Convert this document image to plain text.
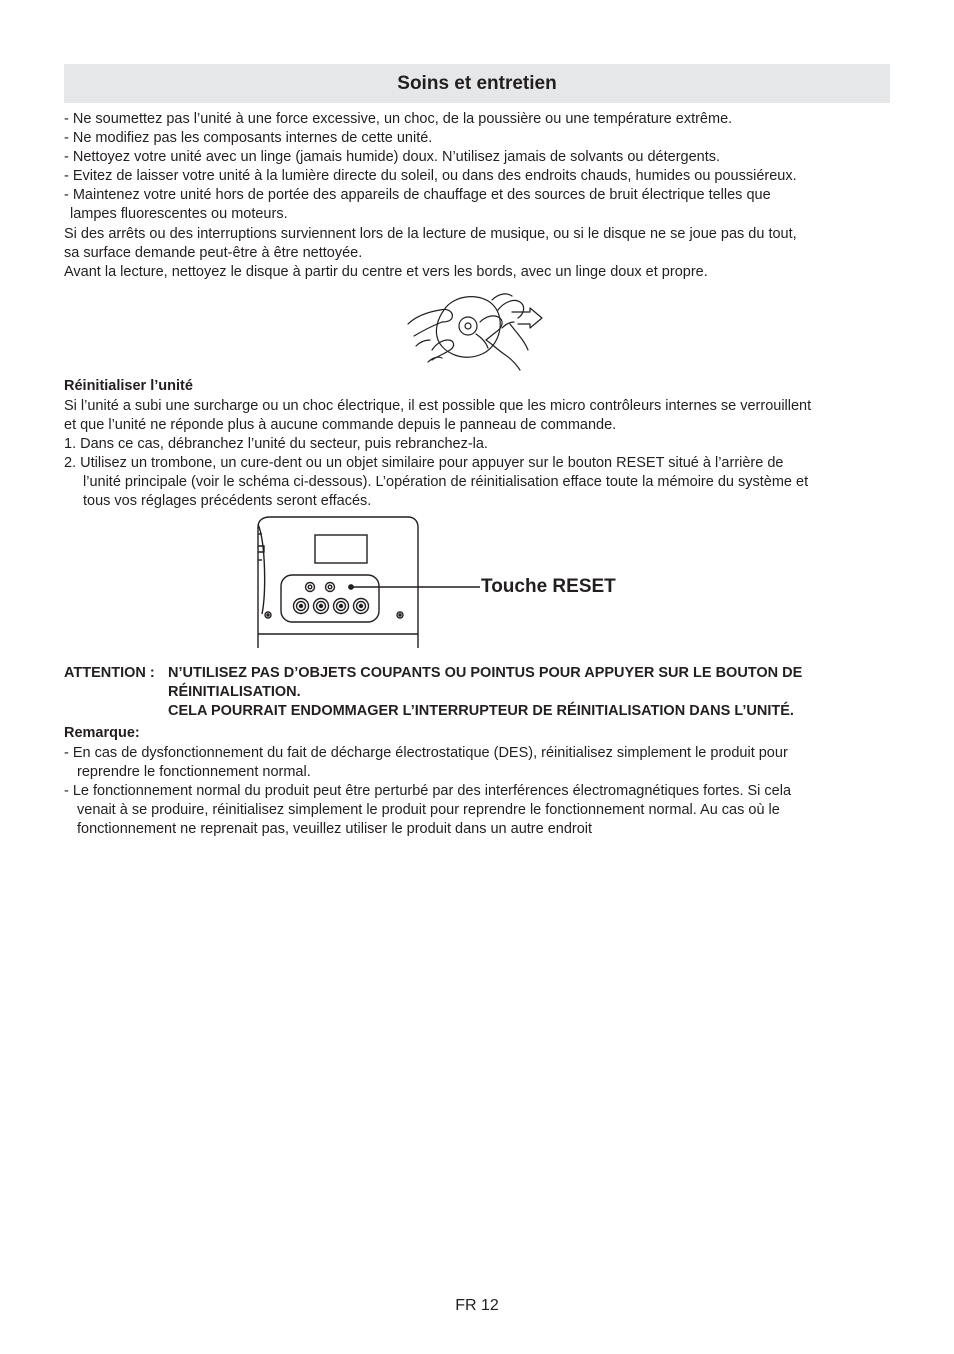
Soins et entretien
- Ne soumettez pas l’unité à une force excessive, un choc, de la poussière ou une température extrême.
- Ne modifiez pas les composants internes de cette unité.
- Nettoyez votre unité avec un linge (jamais humide) doux. N’utilisez jamais de solvants ou détergents.
- Evitez de laisser votre unité à la lumière directe du soleil, ou dans des endroits chauds, humides ou poussiéreux.
- Maintenez votre unité hors de portée des appareils de chauffage et des sources de bruit électrique telles que
lampes fluorescentes ou moteurs.
Si des arrêts ou des interruptions surviennent lors de la lecture de musique, ou si le disque ne se joue pas du tout,
sa surface demande peut-être à être nettoyée.
Avant la lecture, nettoyez le disque à partir du centre et vers les bords, avec un linge doux et propre.
Réinitialiser l’unité
Si l’unité a subi une surcharge ou un choc électrique, il est possible que les micro contrôleurs internes se verrouillent
et que l’unité ne réponde plus à aucune commande depuis le panneau de commande.
1. Dans ce cas, débranchez l’unité du secteur, puis rebranchez-la.
2. Utilisez un trombone, un cure-dent ou un objet similaire pour appuyer sur le bouton RESET situé à l’arrière de
l’unité principale (voir le schéma ci-dessous). L’opération de réinitialisation efface toute la mémoire du système et
tous vos réglages précédents seront effacés.
Touche RESET
ATTENTION : N’UTILISEZ PAS D’OBJETS COUPANTS OU POINTUS POUR APPUYER SUR LE BOUTON DE
RÉINITIALISATION.
CELA POURRAIT ENDOMMAGER L’INTERRUPTEUR DE RÉINITIALISATION DANS L’UNITÉ.
Remarque:
- En cas de dysfonctionnement du fait de décharge électrostatique (DES), réinitialisez simplement le produit pour
reprendre le fonctionnement normal.
- Le fonctionnement normal du produit peut être perturbé par des interférences électromagnétiques fortes. Si cela
venait à se produire, réinitialisez simplement le produit pour reprendre le fonctionnement normal. Au cas où le
fonctionnement ne reprenait pas, veuillez utiliser le produit dans un autre endroit
FR 12
